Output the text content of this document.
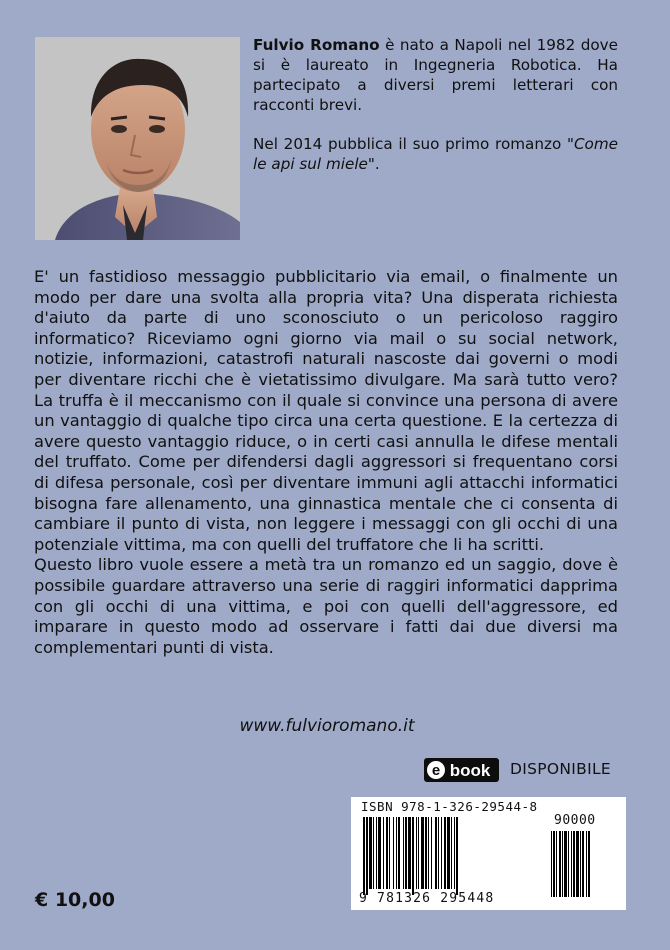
Fulvio Romano è nato a Napoli nel 1982 dove si è laureato in Ingegneria Robotica. Ha partecipato a diversi premi letterari con racconti brevi.

Nel 2014 pubblica il suo primo romanzo "Come le api sul miele".

E' un fastidioso messaggio pubblicitario via email, o finalmente un modo per dare una svolta alla propria vita? Una disperata richiesta d'aiuto da parte di uno sconosciuto o un pericoloso raggiro informatico? Riceviamo ogni giorno via mail o su social network, notizie, informazioni, catastrofi naturali nascoste dai governi o modi per diventare ricchi che è vietatissimo divulgare. Ma sarà tutto vero? La truffa è il meccanismo con il quale si convince una persona di avere un vantaggio di qualche tipo circa una certa questione. E la certezza di avere questo vantaggio riduce, o in certi casi annulla le difese mentali del truffato. Come per difendersi dagli aggressori si frequentano corsi di difesa personale, così per diventare immuni agli attacchi informatici bisogna fare allenamento, una ginnastica mentale che ci consenta di cambiare il punto di vista, non leggere i messaggi con gli occhi di una potenziale vittima, ma con quelli del truffatore che li ha scritti.

Questo libro vuole essere a metà tra un romanzo ed un saggio, dove è possibile guardare attraverso una serie di raggiri informatici dapprima con gli occhi di una vittima, e poi con quelli dell'aggressore, ed imparare in questo modo ad osservare i fatti dai due diversi ma complementari punti di vista.

www.fulvioromano.it
e book DISPONIBILE
ISBN 978-1-326-29544-8
90000
9 781326 295448
€ 10,00
